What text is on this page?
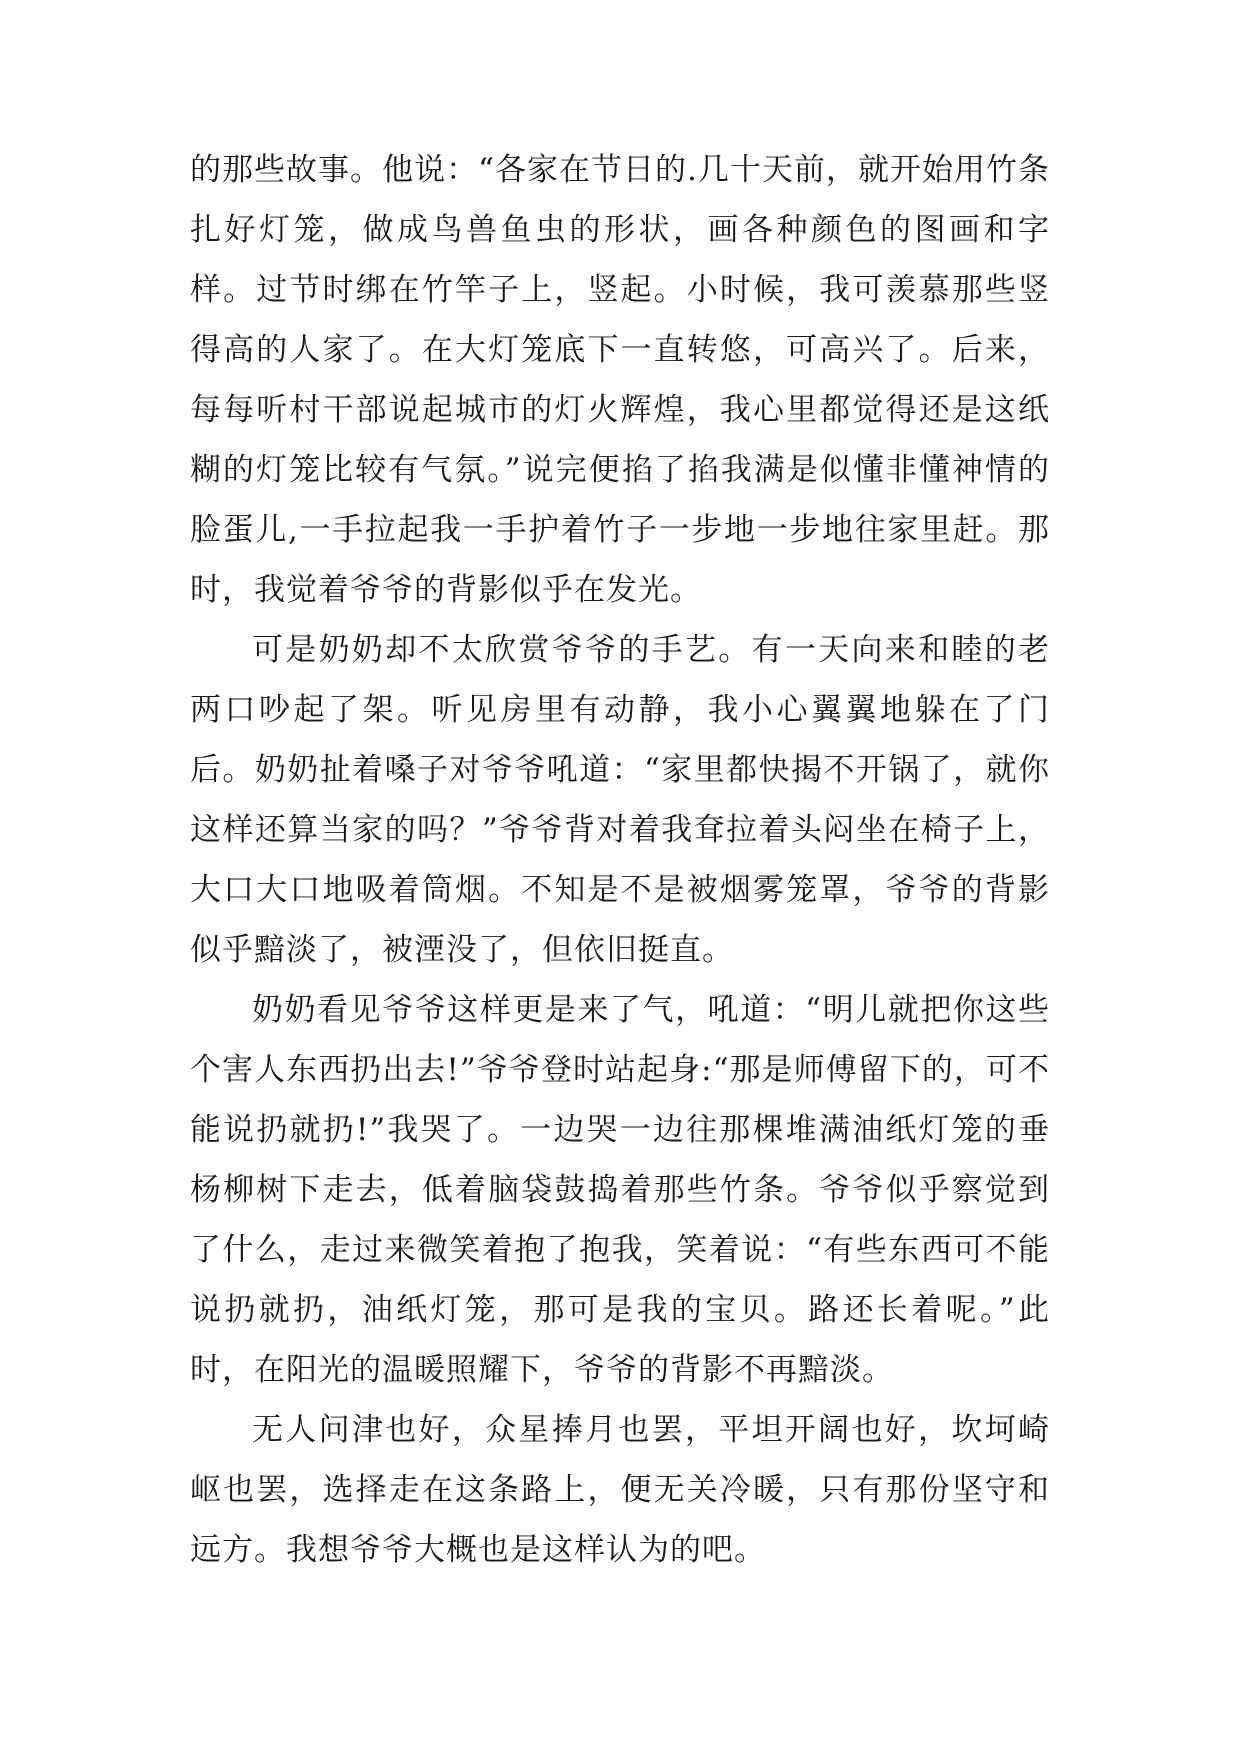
的那些故事。他说：“各家在节日的.几十天前，就开始用竹条扎好灯笼，做成鸟兽鱼虫的形状，画各种颜色的图画和字样。过节时绑在竹竿子上，竖起。小时候，我可羡慕那些竖得高的人家了。在大灯笼底下一直转悠，可高兴了。后来，每每听村干部说起城市的灯火辉煌，我心里都觉得还是这纸糊的灯笼比较有气氛。”说完便掐了掐我满是似懂非懂神情的脸蛋儿,一手拉起我一手护着竹子一步地一步地往家里赶。那时，我觉着爷爷的背影似乎在发光。

可是奶奶却不太欣赏爷爷的手艺。有一天向来和睦的老两口吵起了架。听见房里有动静，我小心翼翼地躲在了门后。奶奶扯着嗓子对爷爷吼道：“家里都快揭不开锅了，就你这样还算当家的吗？”爷爷背对着我耷拉着头闷坐在椅子上，大口大口地吸着筒烟。不知是不是被烟雾笼罩，爷爷的背影似乎黯淡了，被湮没了，但依旧挺直。

奶奶看见爷爷这样更是来了气，吼道：“明儿就把你这些个害人东西扔出去!”爷爷登时站起身:“那是师傅留下的，可不能说扔就扔!”我哭了。一边哭一边往那棵堆满油纸灯笼的垂杨柳树下走去，低着脑袋鼓捣着那些竹条。爷爷似乎察觉到了什么，走过来微笑着抱了抱我，笑着说：“有些东西可不能说扔就扔，油纸灯笼，那可是我的宝贝。路还长着呢。”此时，在阳光的温暖照耀下，爷爷的背影不再黯淡。

无人问津也好，众星捧月也罢，平坦开阔也好，坎坷崎岖也罢，选择走在这条路上，便无关冷暖，只有那份坚守和远方。我想爷爷大概也是这样认为的吧。
